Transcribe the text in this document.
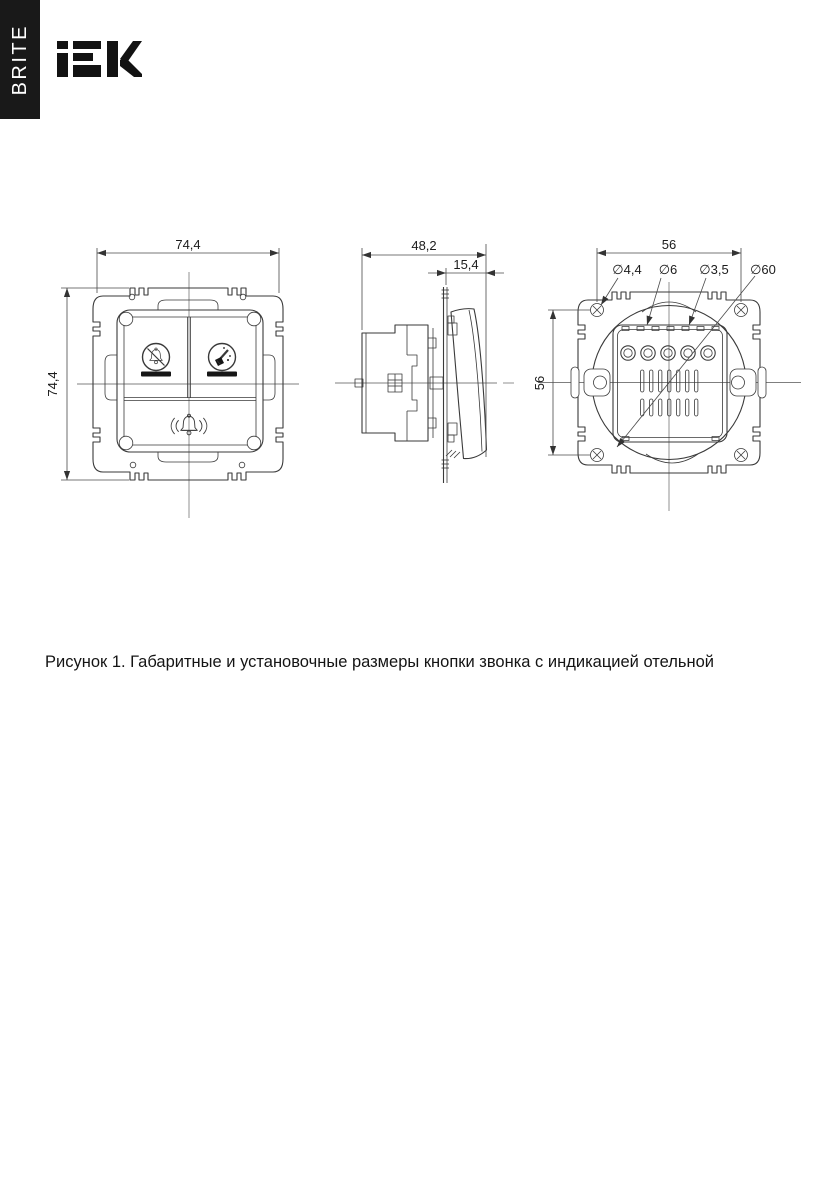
BRITE
74,4
74,4
48,2
15,4
56
56
∅4,4 ∅6 ∅3,5 ∅60
Рисунок 1. Габаритные и установочные размеры кнопки звонка с индикацией отельной
